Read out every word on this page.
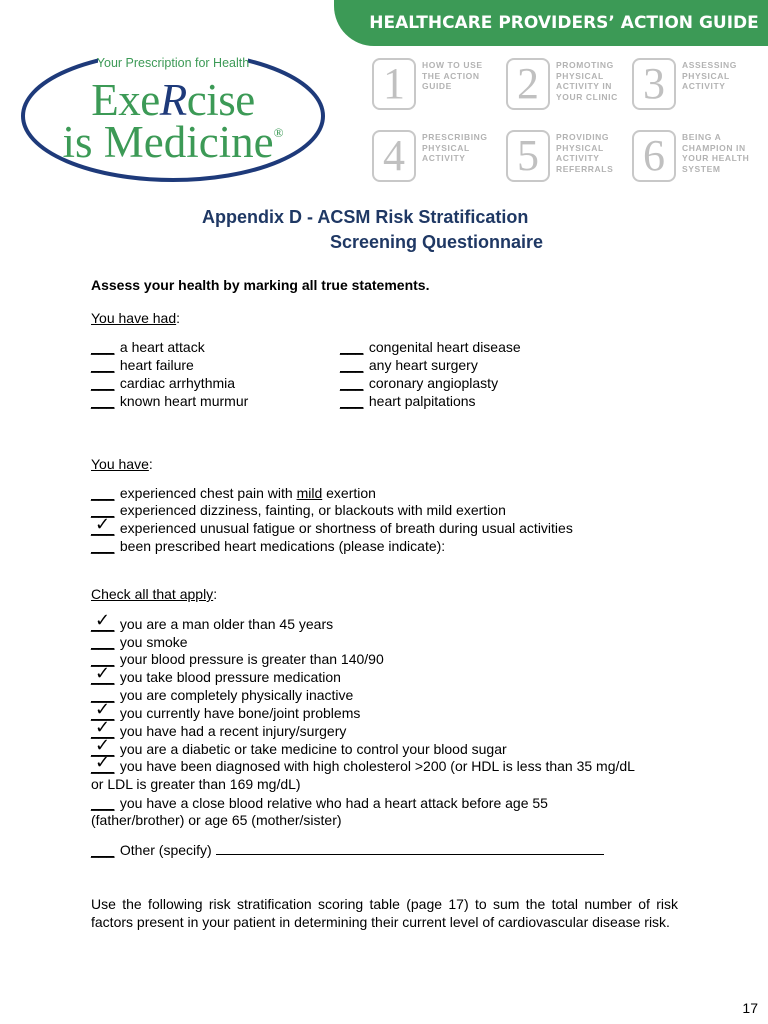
HEALTHCARE PROVIDERS’ ACTION GUIDE
Your Prescription for Health
ExeRcise
is Medicine®
1	HOW TO USE THE ACTION GUIDE	2	PROMOTING PHYSICAL ACTIVITY IN YOUR CLINIC 3	ASSESSING PHYSICAL ACTIVITY
4	PRESCRIBING PHYSICAL ACTIVITY	5	PROVIDING PHYSICAL ACTIVITY REFERRALS 6	BEING A CHAMPION IN YOUR HEALTH SYSTEM
Appendix D - ACSM Risk Stratification
Screening Questionnaire
Assess your health by marking all true statements.
You have had:
___ a heart attack
___ heart failure
___ cardiac arrhythmia
___ known heart murmur
___ congenital heart disease
___ any heart surgery
___ coronary angioplasty
___ heart palpitations
You have:
___ experienced chest pain with mild exertion
___ experienced dizziness, fainting, or blackouts with mild exertion
___ ✓ experienced unusual fatigue or shortness of breath during usual activities
___ been prescribed heart medications (please indicate):
Check all that apply:
___ ✓ you are a man older than 45 years
___ you smoke
___ your blood pressure is greater than 140/90
___ ✓ you take blood pressure medication
___ you are completely physically inactive
___ ✓ you currently have bone/joint problems
___ ✓ you have had a recent injury/surgery
___ ✓ you are a diabetic or take medicine to control your blood sugar
___ ✓ you have been diagnosed with high cholesterol >200 (or HDL is less than 35 mg/dL
or LDL is greater than 169 mg/dL)
___ you have a close blood relative who had a heart attack before age 55
(father/brother) or age 65 (mother/sister)
___ Other (specify)
Use the following risk stratification scoring table (page 17) to sum the total number of risk factors present in your patient in determining their current level of cardiovascular disease risk.
17
